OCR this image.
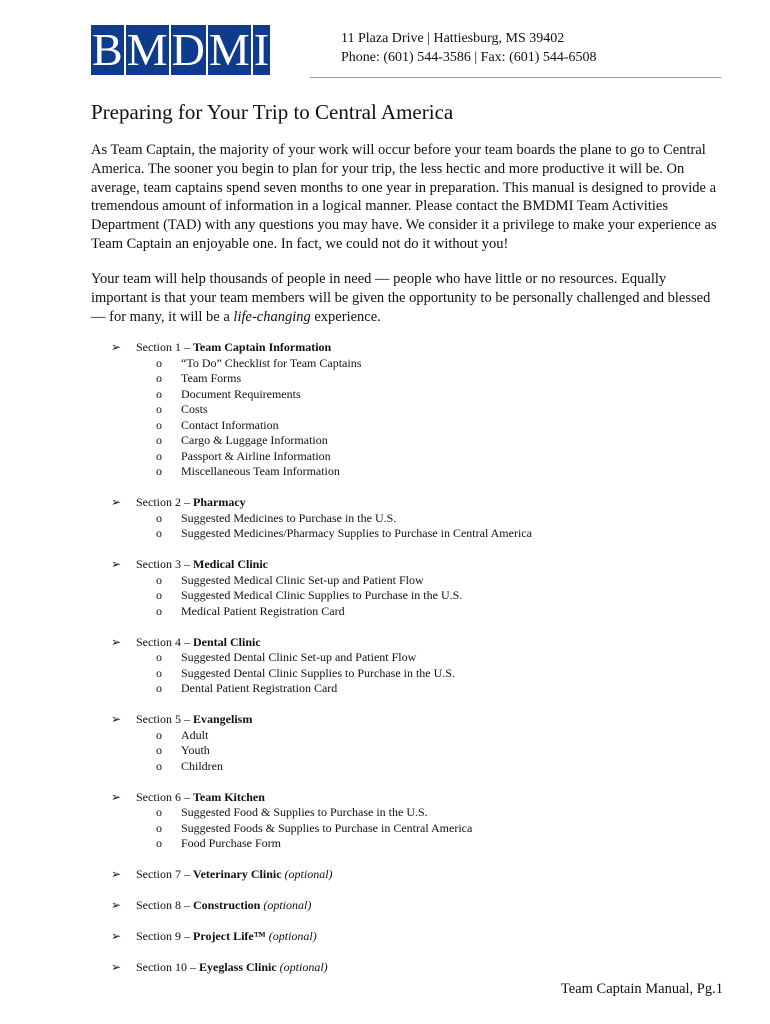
B M D M I	11 Plaza Drive | Hattiesburg, MS 39402
Phone: (601) 544-3586 | Fax: (601) 544-6508
Preparing for Your Trip to Central America

As Team Captain, the majority of your work will occur before your team boards the plane to go to Central America. The sooner you begin to plan for your trip, the less hectic and more productive it will be. On average, team captains spend seven months to one year in preparation. This manual is designed to provide a tremendous amount of information in a logical manner. Please contact the BMDMI Team Activities Department (TAD) with any questions you may have. We consider it a privilege to make your experience as Team Captain an enjoyable one. In fact, we could not do it without you!

Your team will help thousands of people in need — people who have little or no resources. Equally important is that your team members will be given the opportunity to be personally challenged and blessed — for many, it will be a life-changing experience.

➢	Section 1 – Team Captain Information
o	“To Do” Checklist for Team Captains
o	Team Forms
o	Document Requirements
o	Costs
o	Contact Information
o	Cargo & Luggage Information
o	Passport & Airline Information
o	Miscellaneous Team Information
➢	Section 2 – Pharmacy
o	Suggested Medicines to Purchase in the U.S.
o	Suggested Medicines/Pharmacy Supplies to Purchase in Central America
➢	Section 3 – Medical Clinic
o	Suggested Medical Clinic Set-up and Patient Flow
o	Suggested Medical Clinic Supplies to Purchase in the U.S.
o	Medical Patient Registration Card
➢	Section 4 – Dental Clinic
o	Suggested Dental Clinic Set-up and Patient Flow
o	Suggested Dental Clinic Supplies to Purchase in the U.S.
o	Dental Patient Registration Card
➢	Section 5 – Evangelism
o	Adult
o	Youth
o	Children
➢	Section 6 – Team Kitchen
o	Suggested Food & Supplies to Purchase in the U.S.
o	Suggested Foods & Supplies to Purchase in Central America
o	Food Purchase Form
➢	Section 7 – Veterinary Clinic (optional)
➢	Section 8 – Construction (optional)
➢	Section 9 – Project Life™ (optional)
➢	Section 10 – Eyeglass Clinic (optional)
Team Captain Manual, Pg.1
